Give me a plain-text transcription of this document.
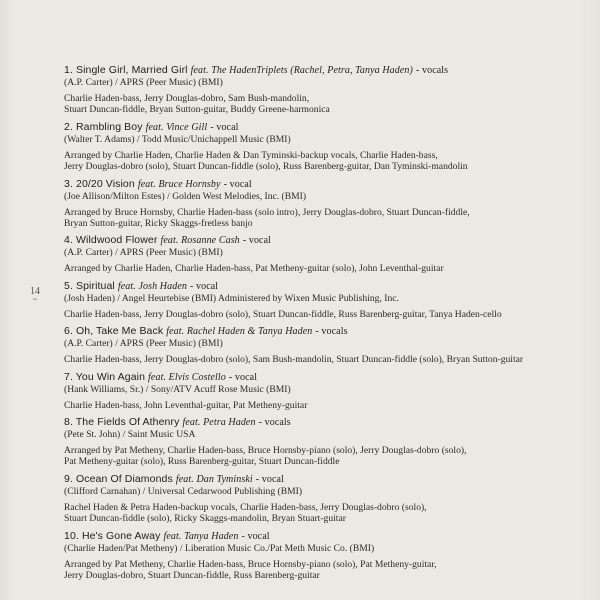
14
~
1. Single Girl, Married Girl feat. The HadenTriplets (Rachel, Petra, Tanya Haden) - vocals
(A.P. Carter) / APRS (Peer Music) (BMI)
Charlie Haden-bass, Jerry Douglas-dobro, Sam Bush-mandolin,
Stuart Duncan-fiddle, Bryan Sutton-guitar, Buddy Greene-harmonica
2. Rambling Boy feat. Vince Gill - vocal
(Walter T. Adams) / Todd Music/Unichappell Music (BMI)
Arranged by Charlie Haden, Charlie Haden & Dan Tyminski-backup vocals, Charlie Haden-bass,
Jerry Douglas-dobro (solo), Stuart Duncan-fiddle (solo), Russ Barenberg-guitar, Dan Tyminski-mandolin
3. 20/20 Vision feat. Bruce Hornsby - vocal
(Joe Allison/Milton Estes) / Golden West Melodies, Inc. (BMI)
Arranged by Bruce Hornsby, Charlie Haden-bass (solo intro), Jerry Douglas-dobro, Stuart Duncan-fiddle,
Bryan Sutton-guitar, Ricky Skaggs-fretless banjo
4. Wildwood Flower feat. Rosanne Cash - vocal
(A.P. Carter) / APRS (Peer Music) (BMI)
Arranged by Charlie Haden, Charlie Haden-bass, Pat Metheny-guitar (solo), John Leventhal-guitar
5. Spiritual feat. Josh Haden - vocal
(Josh Haden) / Angel Heurtebise (BMI) Administered by Wixen Music Publishing, Inc.
Charlie Haden-bass, Jerry Douglas-dobro (solo), Stuart Duncan-fiddle, Russ Barenberg-guitar, Tanya Haden-cello
6. Oh, Take Me Back feat. Rachel Haden & Tanya Haden - vocals
(A.P. Carter) / APRS (Peer Music) (BMI)
Charlie Haden-bass, Jerry Douglas-dobro (solo), Sam Bush-mandolin, Stuart Duncan-fiddle (solo), Bryan Sutton-guitar
7. You Win Again feat. Elvis Costello - vocal
(Hank Williams, Sr.) / Sony/ATV Acuff Rose Music (BMI)
Charlie Haden-bass, John Leventhal-guitar, Pat Metheny-guitar
8. The Fields Of Athenry feat. Petra Haden - vocals
(Pete St. John) / Saint Music USA
Arranged by Pat Metheny, Charlie Haden-bass, Bruce Hornsby-piano (solo), Jerry Douglas-dobro (solo),
Pat Metheny-guitar (solo), Russ Barenberg-guitar, Stuart Duncan-fiddle
9. Ocean Of Diamonds feat. Dan Tyminski - vocal
(Clifford Carnahan) / Universal Cedarwood Publishing (BMI)
Rachel Haden & Petra Haden-backup vocals, Charlie Haden-bass, Jerry Douglas-dobro (solo),
Stuart Duncan-fiddle (solo), Ricky Skaggs-mandolin, Bryan Stuart-guitar
10. He's Gone Away feat. Tanya Haden - vocal
(Charlie Haden/Pat Metheny) / Liberation Music Co./Pat Meth Music Co. (BMI)
Arranged by Pat Metheny, Charlie Haden-bass, Bruce Hornsby-piano (solo), Pat Metheny-guitar,
Jerry Douglas-dobro, Stuart Duncan-fiddle, Russ Barenberg-guitar
